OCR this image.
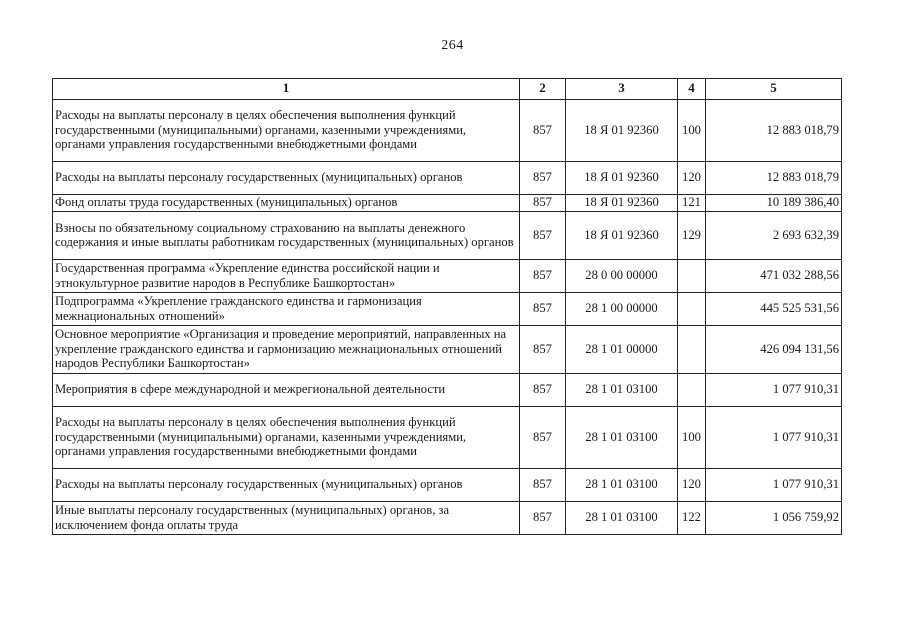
264
1	2	3	4	5
Расходы на выплаты персоналу в целях обеспечения выполнения функций государственными (муниципальными) органами, казенными учреждениями, органами управления государственными внебюджетными фондами	857	18 Я 01 92360	100	12 883 018,79
Расходы на выплаты персоналу государственных (муниципальных) органов	857	18 Я 01 92360	120	12 883 018,79
Фонд оплаты труда государственных (муниципальных) органов	857	18 Я 01 92360	121	10 189 386,40
Взносы по обязательному социальному страхованию на выплаты денежного содержания и иные выплаты работникам государственных (муниципальных) органов	857	18 Я 01 92360	129	2 693 632,39
Государственная программа «Укрепление единства российской нации и этнокультурное развитие народов в Республике Башкортостан»	857	28 0 00 00000		471 032 288,56
Подпрограмма «Укрепление гражданского единства и гармонизация межнациональных отношений»	857	28 1 00 00000		445 525 531,56
Основное мероприятие «Организация и проведение мероприятий, направленных на укрепление гражданского единства и гармонизацию межнациональных отношений народов Республики Башкортостан»	857	28 1 01 00000		426 094 131,56
Мероприятия в сфере международной и межрегиональной деятельности	857	28 1 01 03100		1 077 910,31
Расходы на выплаты персоналу в целях обеспечения выполнения функций государственными (муниципальными) органами, казенными учреждениями, органами управления государственными внебюджетными фондами	857	28 1 01 03100	100	1 077 910,31
Расходы на выплаты персоналу государственных (муниципальных) органов	857	28 1 01 03100	120	1 077 910,31
Иные выплаты персоналу государственных (муниципальных) органов, за исключением фонда оплаты труда	857	28 1 01 03100	122	1 056 759,92
